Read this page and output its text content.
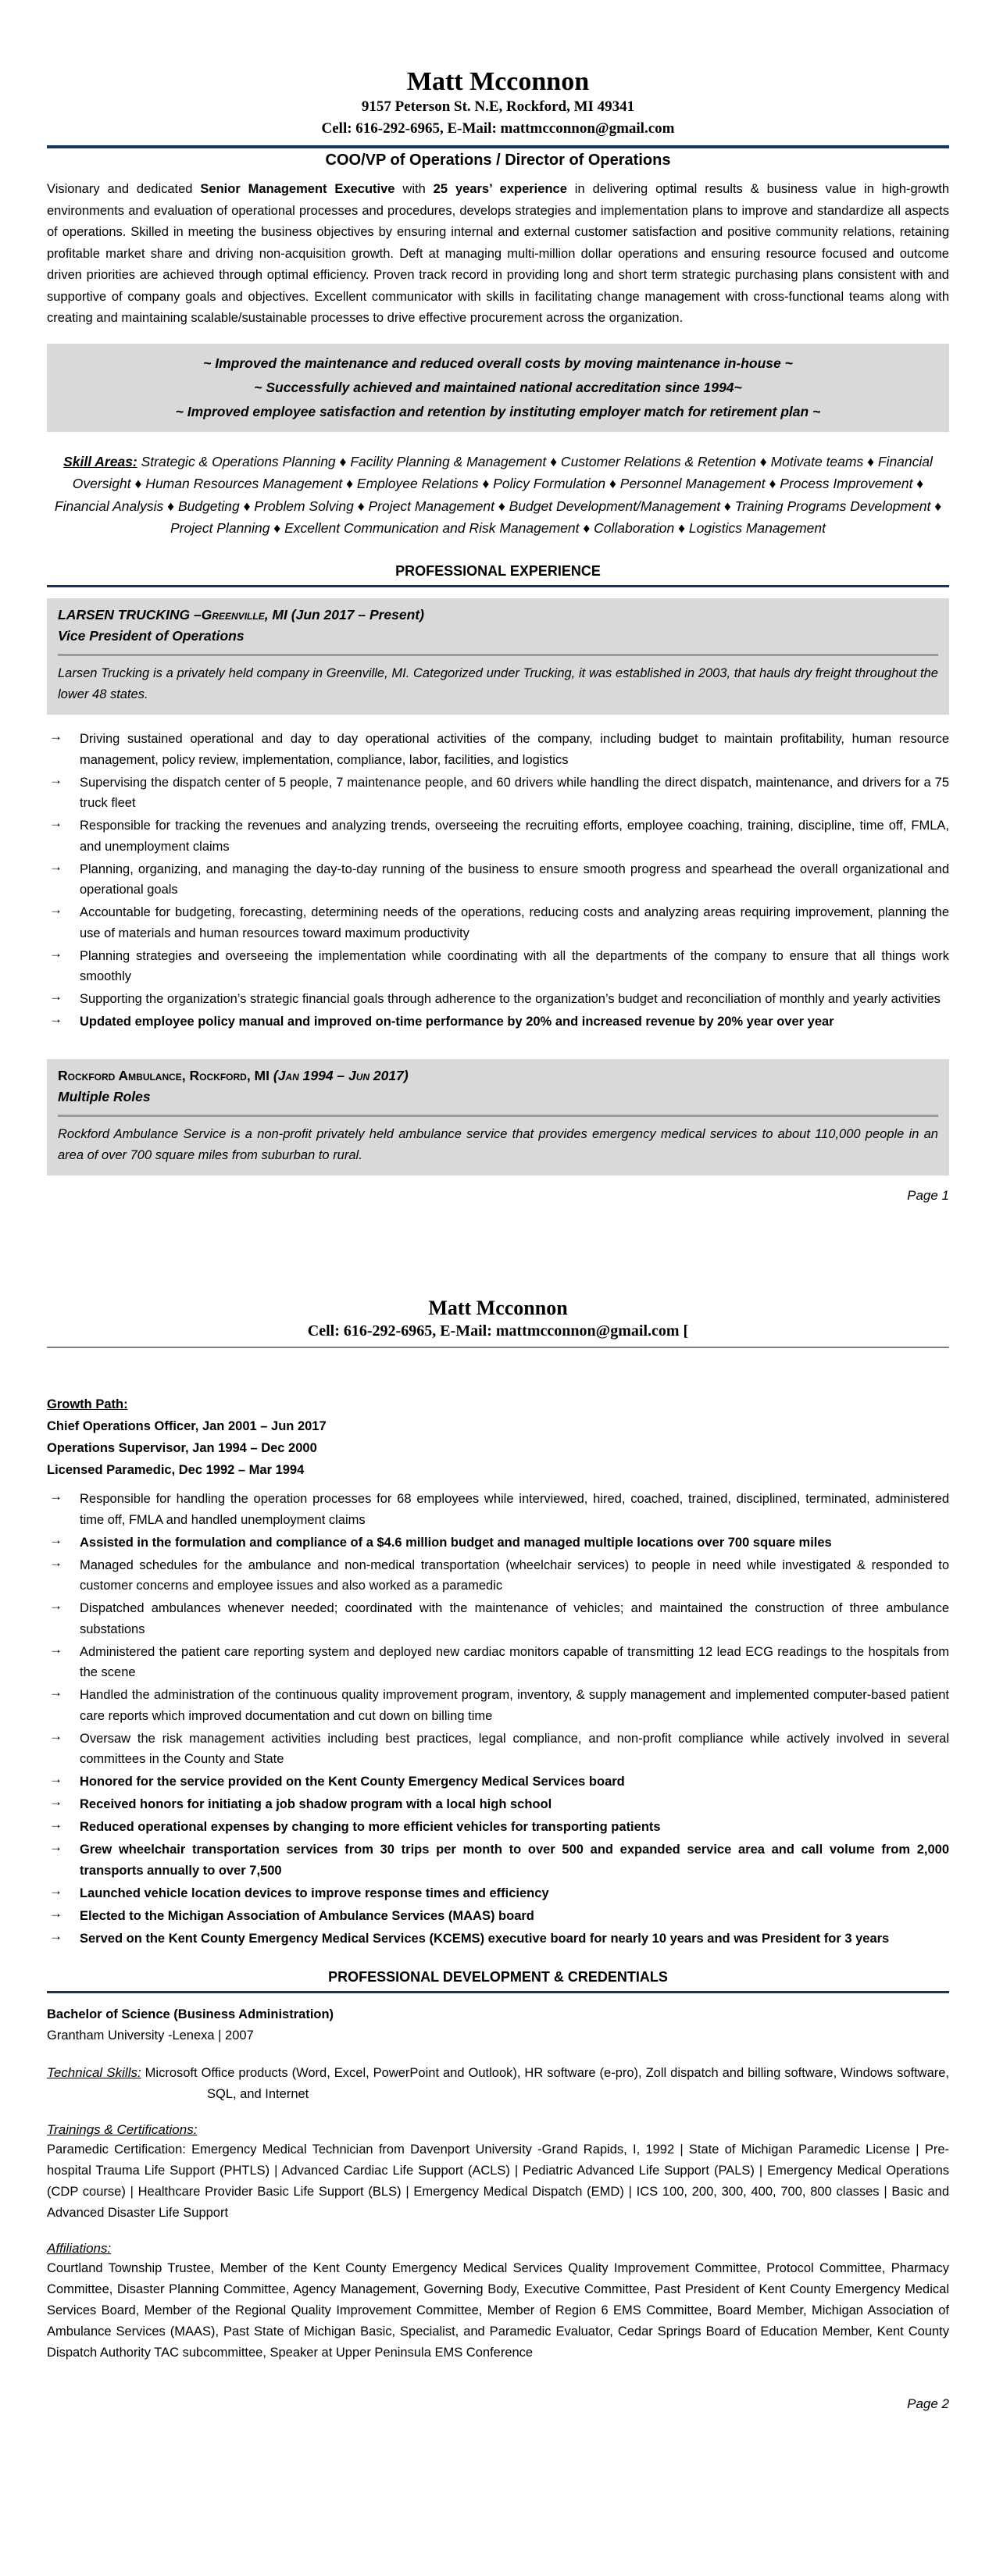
Matt Mcconnon
9157 Peterson St. N.E, Rockford, MI 49341
Cell: 616-292-6965, E-Mail: mattmcconnon@gmail.com
COO/VP of Operations / Director of Operations
Visionary and dedicated Senior Management Executive with 25 years’ experience in delivering optimal results & business value in high-growth environments and evaluation of operational processes and procedures, develops strategies and implementation plans to improve and standardize all aspects of operations. Skilled in meeting the business objectives by ensuring internal and external customer satisfaction and positive community relations, retaining profitable market share and driving non-acquisition growth. Deft at managing multi-million dollar operations and ensuring resource focused and outcome driven priorities are achieved through optimal efficiency. Proven track record in providing long and short term strategic purchasing plans consistent with and supportive of company goals and objectives. Excellent communicator with skills in facilitating change management with cross-functional teams along with creating and maintaining scalable/sustainable processes to drive effective procurement across the organization.
~ Improved the maintenance and reduced overall costs by moving maintenance in-house ~
~ Successfully achieved and maintained national accreditation since 1994~
~ Improved employee satisfaction and retention by instituting employer match for retirement plan ~
Skill Areas: Strategic & Operations Planning ♦ Facility Planning & Management ♦ Customer Relations & Retention ♦ Motivate teams ♦ Financial Oversight ♦ Human Resources Management ♦ Employee Relations ♦ Policy Formulation ♦ Personnel Management ♦ Process Improvement ♦ Financial Analysis ♦ Budgeting ♦ Problem Solving ♦ Project Management ♦ Budget Development/Management ♦ Training Programs Development ♦ Project Planning ♦ Excellent Communication and Risk Management ♦ Collaboration ♦ Logistics Management
PROFESSIONAL EXPERIENCE
LARSEN TRUCKING –Greenville, MI (Jun 2017 – Present)
Vice President of Operations
Larsen Trucking is a privately held company in Greenville, MI. Categorized under Trucking, it was established in 2003, that hauls dry freight throughout the lower 48 states.
→	Driving sustained operational and day to day operational activities of the company, including budget to maintain profitability, human resource management, policy review, implementation, compliance, labor, facilities, and logistics
→	Supervising the dispatch center of 5 people, 7 maintenance people, and 60 drivers while handling the direct dispatch, maintenance, and drivers for a 75 truck fleet
→	Responsible for tracking the revenues and analyzing trends, overseeing the recruiting efforts, employee coaching, training, discipline, time off, FMLA, and unemployment claims
→	Planning, organizing, and managing the day-to-day running of the business to ensure smooth progress and spearhead the overall organizational and operational goals
→	Accountable for budgeting, forecasting, determining needs of the operations, reducing costs and analyzing areas requiring improvement, planning the use of materials and human resources toward maximum productivity
→	Planning strategies and overseeing the implementation while coordinating with all the departments of the company to ensure that all things work smoothly
→	Supporting the organization’s strategic financial goals through adherence to the organization’s budget and reconciliation of monthly and yearly activities
→	Updated employee policy manual and improved on-time performance by 20% and increased revenue by 20% year over year
Rockford Ambulance, Rockford, MI (Jan 1994 – Jun 2017)
Multiple Roles
Rockford Ambulance Service is a non-profit privately held ambulance service that provides emergency medical services to about 110,000 people in an area of over 700 square miles from suburban to rural.
Page 1
Matt Mcconnon
Cell: 616-292-6965, E-Mail: mattmcconnon@gmail.com [
Growth Path:
Chief Operations Officer, Jan 2001 – Jun 2017
Operations Supervisor, Jan 1994 – Dec 2000
Licensed Paramedic, Dec 1992 – Mar 1994
→	Responsible for handling the operation processes for 68 employees while interviewed, hired, coached, trained, disciplined, terminated, administered time off, FMLA and handled unemployment claims
→	Assisted in the formulation and compliance of a $4.6 million budget and managed multiple locations over 700 square miles
→	Managed schedules for the ambulance and non-medical transportation (wheelchair services) to people in need while investigated & responded to customer concerns and employee issues and also worked as a paramedic
→	Dispatched ambulances whenever needed; coordinated with the maintenance of vehicles; and maintained the construction of three ambulance substations
→	Administered the patient care reporting system and deployed new cardiac monitors capable of transmitting 12 lead ECG readings to the hospitals from the scene
→	Handled the administration of the continuous quality improvement program, inventory, & supply management and implemented computer-based patient care reports which improved documentation and cut down on billing time
→	Oversaw the risk management activities including best practices, legal compliance, and non-profit compliance while actively involved in several committees in the County and State
→	Honored for the service provided on the Kent County Emergency Medical Services board
→	Received honors for initiating a job shadow program with a local high school
→	Reduced operational expenses by changing to more efficient vehicles for transporting patients
→	Grew wheelchair transportation services from 30 trips per month to over 500 and expanded service area and call volume from 2,000 transports annually to over 7,500
→	Launched vehicle location devices to improve response times and efficiency
→	Elected to the Michigan Association of Ambulance Services (MAAS) board
→	Served on the Kent County Emergency Medical Services (KCEMS) executive board for nearly 10 years and was President for 3 years
PROFESSIONAL DEVELOPMENT & CREDENTIALS
Bachelor of Science (Business Administration)
Grantham University -Lenexa | 2007
Technical Skills: Microsoft Office products (Word, Excel, PowerPoint and Outlook), HR software (e-pro), Zoll dispatch and billing software, Windows software, SQL, and Internet
Trainings & Certifications:
Paramedic Certification: Emergency Medical Technician from Davenport University -Grand Rapids, I, 1992 | State of Michigan Paramedic License | Pre-hospital Trauma Life Support (PHTLS) | Advanced Cardiac Life Support (ACLS) | Pediatric Advanced Life Support (PALS) | Emergency Medical Operations (CDP course) | Healthcare Provider Basic Life Support (BLS) | Emergency Medical Dispatch (EMD) | ICS 100, 200, 300, 400, 700, 800 classes | Basic and Advanced Disaster Life Support
Affiliations:
Courtland Township Trustee, Member of the Kent County Emergency Medical Services Quality Improvement Committee, Protocol Committee, Pharmacy Committee, Disaster Planning Committee, Agency Management, Governing Body, Executive Committee, Past President of Kent County Emergency Medical Services Board, Member of the Regional Quality Improvement Committee, Member of Region 6 EMS Committee, Board Member, Michigan Association of Ambulance Services (MAAS), Past State of Michigan Basic, Specialist, and Paramedic Evaluator, Cedar Springs Board of Education Member, Kent County Dispatch Authority TAC subcommittee, Speaker at Upper Peninsula EMS Conference
Page 2
